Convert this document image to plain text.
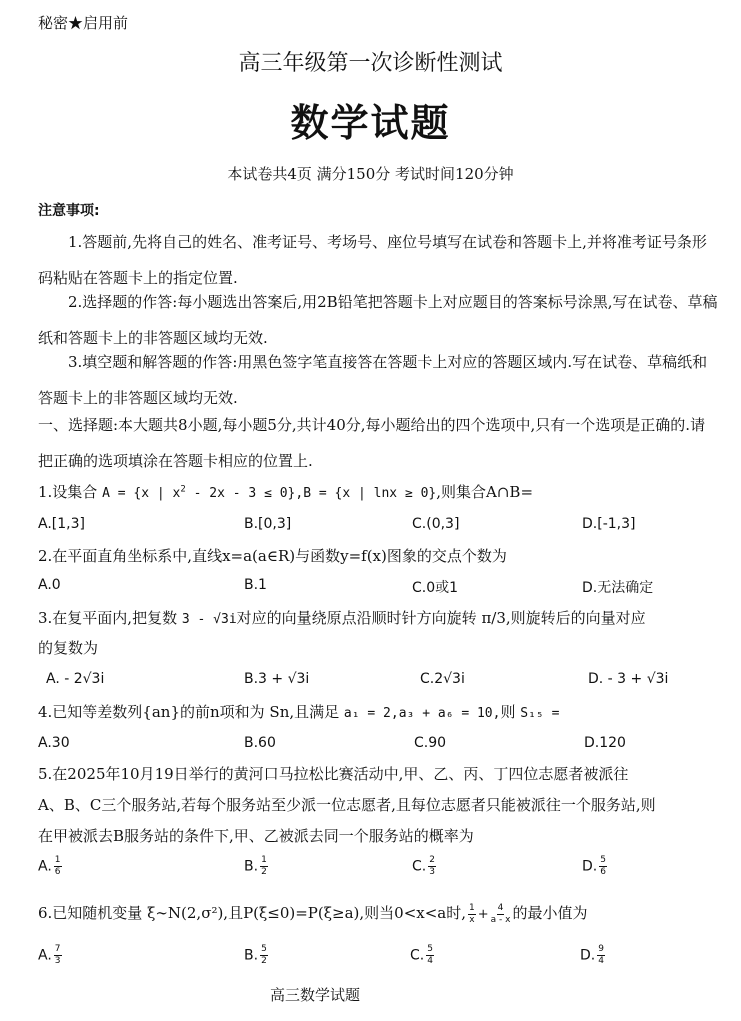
秘密★启用前
高三年级第一次诊断性测试
数学试题
本试卷共4页 满分150分 考试时间120分钟
注意事项:
1.答题前,先将自己的姓名、准考证号、考场号、座位号填写在试卷和答题卡上,并将准考证号条形码粘贴在答题卡上的指定位置.
2.选择题的作答:每小题选出答案后,用2B铅笔把答题卡上对应题目的答案标号涂黑,写在试卷、草稿纸和答题卡上的非答题区域均无效.
3.填空题和解答题的作答:用黑色签字笔直接答在答题卡上对应的答题区域内.写在试卷、草稿纸和答题卡上的非答题区域均无效.
一、选择题:本大题共8小题,每小题5分,共计40分,每小题给出的四个选项中,只有一个选项是正确的.请把正确的选项填涂在答题卡相应的位置上.
1.设集合 A = {x | $x^2 - 2x - 3 \le 0\},B = \{x$ | lnx ≥ 0},则集合A∩B=
A.[1,3]	B.[0,3]	C.(0,3]	D.[-1,3]
2.在平面直角坐标系中,直线x=a(a∈R)与函数y=f(x)图象的交点个数为
A.0	B.1	C.0或1	D.无法确定
3.在复平面内,把复数 3 - √3i对应的向量绕原点沿顺时针方向旋转 π/3,则旋转后的向量对应
的复数为
A. - 2√3i	B.3 + √3i	C.2√3i	D. - 3 + √3i
4.已知等差数列{an}的前n项和为 Sn,且满足 a₁ = 2,a₃ + a₆ = 10,则 S₁₅ =
A.30	B.60	C.90	D.120
5.在2025年10月19日举行的黄河口马拉松比赛活动中,甲、乙、丙、丁四位志愿者被派往
A、B、C三个服务站,若每个服务站至少派一位志愿者,且每位志愿者只能被派往一个服务站,则
在甲被派去B服务站的条件下,甲、乙被派去同一个服务站的概率为
A. $\frac{1}{6}$	B. $\frac{1}{2}$	C. $\frac{2}{3}$	D. $\frac{5}{6}$
6.已知随机变量 ξ∼N(2,σ²),且P(ξ≤0)=P(ξ≥a),则当0<x<a时, $\frac{1}{x} + \frac{4}{a - x}$ 的最小值为
A. $\frac{7}{3}$	B. $\frac{5}{2}$	C. $\frac{5}{4}$	D. $\frac{9}{4}$
高三数学试题
